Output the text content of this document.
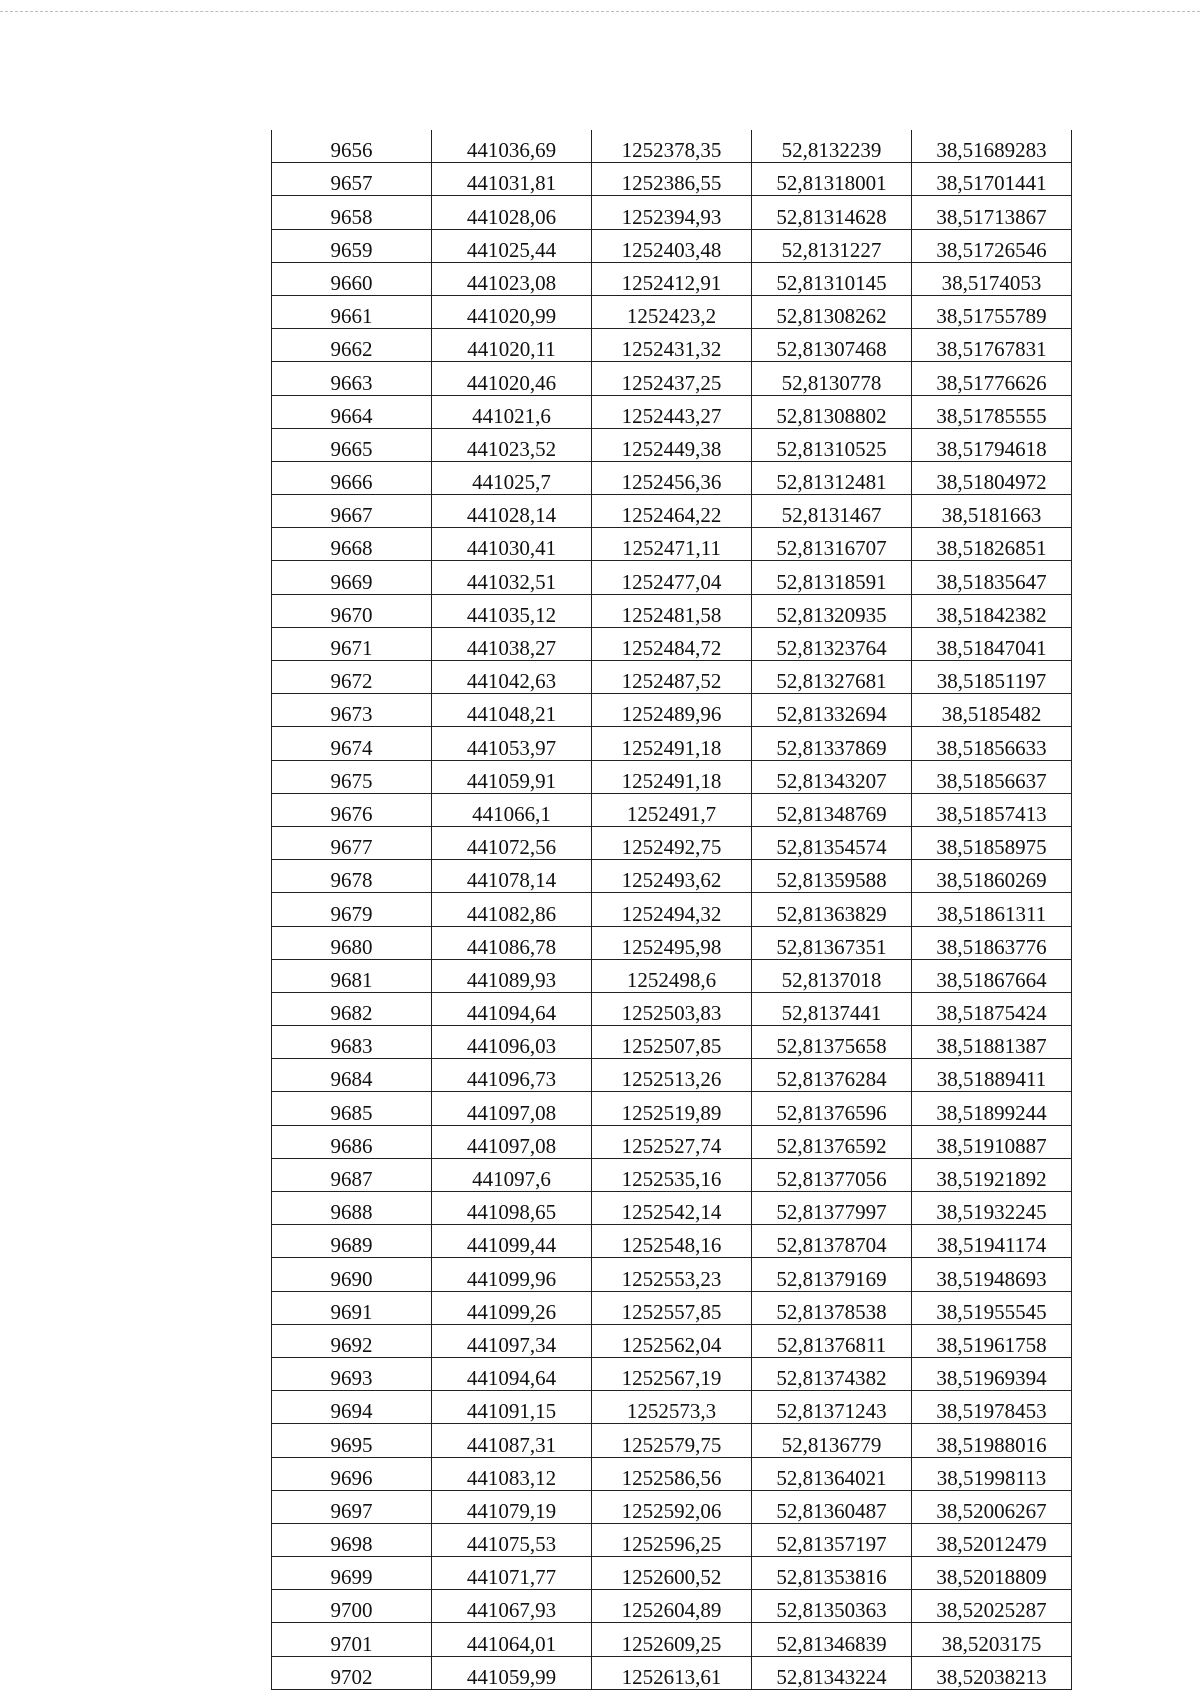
9656	441036,69	1252378,35	52,8132239	38,51689283
9657	441031,81	1252386,55	52,81318001	38,51701441
9658	441028,06	1252394,93	52,81314628	38,51713867
9659	441025,44	1252403,48	52,8131227	38,51726546
9660	441023,08	1252412,91	52,81310145	38,5174053
9661	441020,99	1252423,2	52,81308262	38,51755789
9662	441020,11	1252431,32	52,81307468	38,51767831
9663	441020,46	1252437,25	52,8130778	38,51776626
9664	441021,6	1252443,27	52,81308802	38,51785555
9665	441023,52	1252449,38	52,81310525	38,51794618
9666	441025,7	1252456,36	52,81312481	38,51804972
9667	441028,14	1252464,22	52,8131467	38,5181663
9668	441030,41	1252471,11	52,81316707	38,51826851
9669	441032,51	1252477,04	52,81318591	38,51835647
9670	441035,12	1252481,58	52,81320935	38,51842382
9671	441038,27	1252484,72	52,81323764	38,51847041
9672	441042,63	1252487,52	52,81327681	38,51851197
9673	441048,21	1252489,96	52,81332694	38,5185482
9674	441053,97	1252491,18	52,81337869	38,51856633
9675	441059,91	1252491,18	52,81343207	38,51856637
9676	441066,1	1252491,7	52,81348769	38,51857413
9677	441072,56	1252492,75	52,81354574	38,51858975
9678	441078,14	1252493,62	52,81359588	38,51860269
9679	441082,86	1252494,32	52,81363829	38,51861311
9680	441086,78	1252495,98	52,81367351	38,51863776
9681	441089,93	1252498,6	52,8137018	38,51867664
9682	441094,64	1252503,83	52,8137441	38,51875424
9683	441096,03	1252507,85	52,81375658	38,51881387
9684	441096,73	1252513,26	52,81376284	38,51889411
9685	441097,08	1252519,89	52,81376596	38,51899244
9686	441097,08	1252527,74	52,81376592	38,51910887
9687	441097,6	1252535,16	52,81377056	38,51921892
9688	441098,65	1252542,14	52,81377997	38,51932245
9689	441099,44	1252548,16	52,81378704	38,51941174
9690	441099,96	1252553,23	52,81379169	38,51948693
9691	441099,26	1252557,85	52,81378538	38,51955545
9692	441097,34	1252562,04	52,81376811	38,51961758
9693	441094,64	1252567,19	52,81374382	38,51969394
9694	441091,15	1252573,3	52,81371243	38,51978453
9695	441087,31	1252579,75	52,8136779	38,51988016
9696	441083,12	1252586,56	52,81364021	38,51998113
9697	441079,19	1252592,06	52,81360487	38,52006267
9698	441075,53	1252596,25	52,81357197	38,52012479
9699	441071,77	1252600,52	52,81353816	38,52018809
9700	441067,93	1252604,89	52,81350363	38,52025287
9701	441064,01	1252609,25	52,81346839	38,5203175
9702	441059,99	1252613,61	52,81343224	38,52038213
